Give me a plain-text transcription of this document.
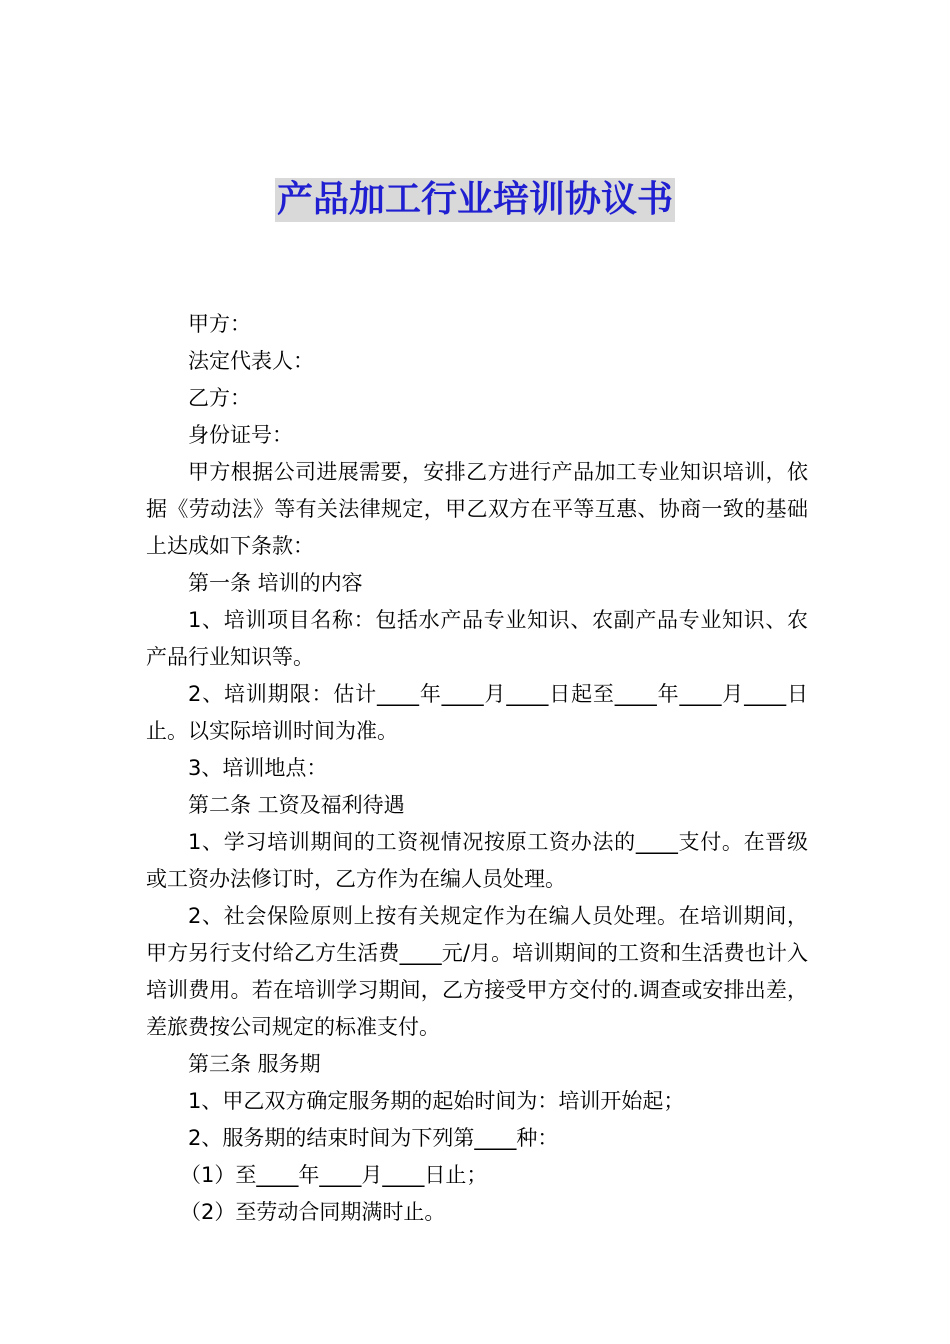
产品加工行业培训协议书

甲方：

法定代表人：

乙方：

身份证号：

甲方根据公司进展需要，安排乙方进行产品加工专业知识培训，依据《劳动法》等有关法律规定，甲乙双方在平等互惠、协商一致的基础上达成如下条款：

第一条 培训的内容

1、培训项目名称：包括水产品专业知识、农副产品专业知识、农产品行业知识等。

2、培训期限：估计____年____月____日起至____年____月____日止。以实际培训时间为准。

3、培训地点：

第二条 工资及福利待遇

1、学习培训期间的工资视情况按原工资办法的____支付。在晋级或工资办法修订时，乙方作为在编人员处理。

2、社会保险原则上按有关规定作为在编人员处理。在培训期间，甲方另行支付给乙方生活费____元/月。培训期间的工资和生活费也计入培训费用。若在培训学习期间，乙方接受甲方交付的.调查或安排出差，差旅费按公司规定的标准支付。

第三条 服务期

1、甲乙双方确定服务期的起始时间为：培训开始起；

2、服务期的结束时间为下列第____种：

（1）至____年____月____日止；

（2）至劳动合同期满时止。
